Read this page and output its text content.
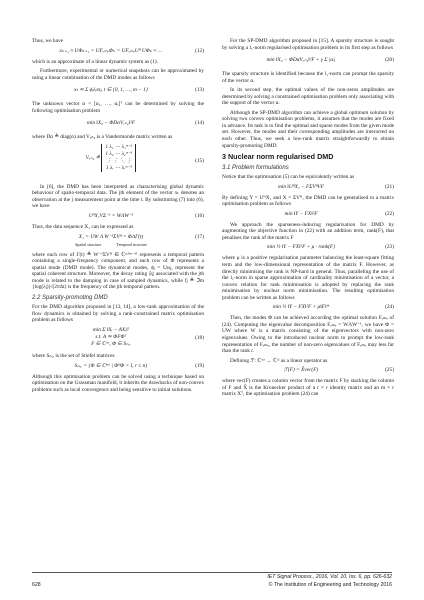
Thus, we have

xₖ₊₁ ≈ UΦₖ₊₁ = UFₑₘₑΦₖ = UFₑₘₑUᴴ UΦₖ ≈ …	(12)

which is an approximate of a linear dynamic system as (1).

Furthermore, experimental or numerical snapshots can be approximated by using a linear combination of the DMD modes as follows

xₜ ≃ Σ ϕⱼλⱼᵗαⱼ, t ∈ {0, 1, …, m − 1}	(13)

The unknown vector α = [α₁, …, αᵣ]ᵀ can be determined by solving the following optimisation problem

min ‖X₀ − ΦDαVₑₙ₄‖²F	(14)

where Dα ≜ diag(α) and Vₑₙ₄ is a Vandermonde matrix written as

Vₑₙ₄ ≜ 1 λ₁ ⋯ λ₁ᵐ⁻¹
1 λ₂ ⋯ λ₂ᵐ⁻¹
⋮ ⋮ ⋱ ⋮
1 λᵣ ⋯ λᵣᵐ⁻¹
(15)

In [6], the DMD has been interpreted as characterising global dynamic behaviour of spatio-temporal data. The jth element of the vector xₜ denotes an observation at the j measurement point at the time t. By substituting (7) into (6), we have

UᴴX₁VΣ⁻¹ = WΛW⁻¹	(16)

Thus, the data sequence X₁ can be expressed as

X₁ = UW Λ W⁻¹ΣVᴴ = ΦΛΓ(t)	(17)

Spatial structure	Temporal structure

where each row of Γ(t) ≜ W⁻¹ΣVᴴ ∈ ℂʳˣ⁽ᵐ⁻¹⁾ represents a temporal pattern containing a single-frequency component, and each row of Φ represents a spatial mode (DMD mode). The dynamical modes, ϕⱼ = Uωⱼ, represent the spatial coherent structure. Moreover, the decay rating |λⱼ| associated with the jth mode is related to the damping in case of sampled dynamics, while fⱼ ≜ ℑm {log(λⱼ)}/(2πΔt) is the frequency of the jth temporal pattern.

2.2 Sparsity-promoting DMD

For the DMD algorithm proposed in [13, 14], a low-rank approximation of the flow dynamics is obtained by solving a rank-constrained matrix optimisation problem as follows

min Σ ‖Xᵢ − AXᵢ‖²
s.t. A ≃ ΦFΦᵀ
F ∈ ℂʳˣʳ, Φ ∈ Sₙ,ᵣ
(18)

where Sₙ,ᵣ is the set of Stiefel matrices

Sₙ,ᵣ = {Φ ∈ ℂⁿˣʳ | ΦᴴΦ = I, r ≤ n}	(19)

Although this optimisation problem can be solved using a technique based on optimisation on the Grassman manifold, it inherits the drawbacks of non-convex problems such as local convergence and being sensitive to initial solutions.

For the SP-DMD algorithm proposed in [15]. A sparsity structure is sought by solving a l₁-norm regularised optimisation problem in its first step as follows

min ‖X₀ − ΦDαVₑₙ₄‖²F + γ Σ |αᵢ|	(20)

The sparsity structure is identified because the l₁-norm can prompt the sparsity of the vector α.

In its second step, the optimal values of the non-zeros amplitudes are determined by solving a constrained optimisation problem only associating with the support of the vector α.

Although the SP-DMD algorithm can achieve a global optimum solution by solving two convex optimisation problems, it assumes that the modes are fixed in advance. Its task is to find the optimal and sparse modes from the given mode set. However, the modes and their corresponding amplitudes are interacted on each other. Thus, we seek a low-rank matrix straightforwardly to obtain sparsity-promoting DMD.

3 Nuclear norm regularised DMD
3.1 Problem formulations

Notice that the optimisation (5) can be equivalently written as

min ‖UᴴX₁ − FΣVᴴ‖²F	(21)

By defining Y = UᴴX₁ and X = ΣVᴴ, the DMD can be generalised to a matrix optimisation problem as follows

min ‖Y − FX‖²F	(22)

We approach the sparseness-inducing regularisation for DMD by augmenting the objective function in (22) with an addition term, rank(F), that penalises the rank of the matrix F

min ½ ‖Y − FX‖²F + μ · rank(F)	(23)

where μ is a positive regularisation parameter balancing the least-square fitting term and the low-dimensional representation of the matrix F. However, as directly minimising the rank is NP-hard in general. Thus, paralleling the use of the l₁-norm in sparse approximation of cardinality minimisation of a vector, a convex relation for rank minimisation is adopted by replacing the rank minimisation by nuclear norm minimisation. The resulting optimisation problem can be written as follows

min ½ ‖Y − FX‖²F + μ‖F‖*	(24)

Then, the modes Φ can be achieved according the optimal solution Fₑₘₑ of (24). Computing the eigenvalue decomposition Fₑₘₑ = WΛW⁻¹, we have Φ = UW where W is a matrix consisting of the eigenvectors with non-zero eigenvalues. Owing to the introduced nuclear norm to prompt the low-rank representation of Fₑₘₑ, the number of non-zero eigenvalues of Fₑₘₑ may less far than the rank r.

Defining ℱ: ℂʳˣʳ → ℂʳ² as a linear operator as

ℱ(F) = X̃vec(F)	(25)

where vec(F) creates a column vector from the matrix F by stacking the column of F and X̃ is the Kronecker product of a r × r identity matrix and an m × r matrix Xᵀ, the optimisation problem (24) can

628
IET Signal Process., 2016, Vol. 10, Iss. 6, pp. 626-632
© The Institution of Engineering and Technology 2016
